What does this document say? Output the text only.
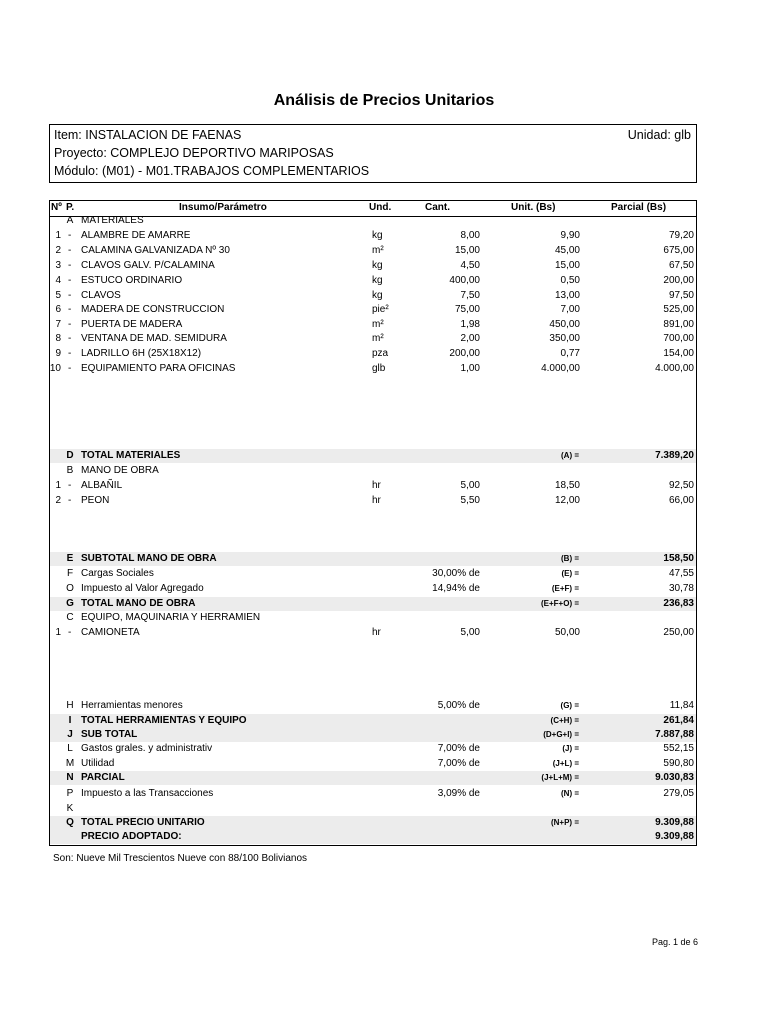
Análisis de Precios Unitarios
Item: INSTALACION DE FAENAS	Unidad: glb
Proyecto: COMPLEJO DEPORTIVO MARIPOSAS
Módulo: (M01) - M01.TRABAJOS COMPLEMENTARIOS
Nº P.	Insumo/Parámetro	Und.	Cant.	Unit. (Bs)	Parcial (Bs)
A MATERIALES
1 - ALAMBRE DE AMARRE	kg	8,00	9,90	79,20
2 - CALAMINA GALVANIZADA Nº 30	m²	15,00	45,00	675,00
3 - CLAVOS GALV. P/CALAMINA	kg	4,50	15,00	67,50
4 - ESTUCO ORDINARIO	kg	400,00	0,50	200,00
5 - CLAVOS	kg	7,50	13,00	97,50
6 - MADERA DE CONSTRUCCION	pie²	75,00	7,00	525,00
7 - PUERTA DE MADERA	m²	1,98	450,00	891,00
8 - VENTANA DE MAD. SEMIDURA	m²	2,00	350,00	700,00
9 - LADRILLO 6H (25X18X12)	pza	200,00	0,77	154,00
10 - EQUIPAMIENTO PARA OFICINAS	glb	1,00	4.000,00	4.000,00
D TOTAL MATERIALES	(A) =	7.389,20
B MANO DE OBRA
1 - ALBAÑIL	hr	5,00	18,50	92,50
2 - PEON	hr	5,50	12,00	66,00
E SUBTOTAL MANO DE OBRA	(B) =	158,50
F Cargas Sociales	30,00% de	(E) =	47,55
O Impuesto al Valor Agregado	14,94% de	(E+F) =	30,78
G TOTAL MANO DE OBRA	(E+F+O) =	236,83
C EQUIPO, MAQUINARIA Y HERRAMIEN
1 - CAMIONETA	hr	5,00	50,00	250,00
H Herramientas menores	5,00% de	(G) =	11,84
I TOTAL HERRAMIENTAS Y EQUIPO	(C+H) =	261,84
J SUB TOTAL	(D+G+I) =	7.887,88
L Gastos grales. y administrativ	7,00% de	(J) =	552,15
M Utilidad	7,00% de	(J+L) =	590,80
N PARCIAL	(J+L+M) =	9.030,83
P Impuesto a las Transacciones	3,09% de	(N) =	279,05
K
Q TOTAL PRECIO UNITARIO	(N+P) =	9.309,88
PRECIO ADOPTADO:	9.309,88
Son: Nueve Mil Trescientos Nueve con 88/100 Bolivianos
Pag. 1 de 6
